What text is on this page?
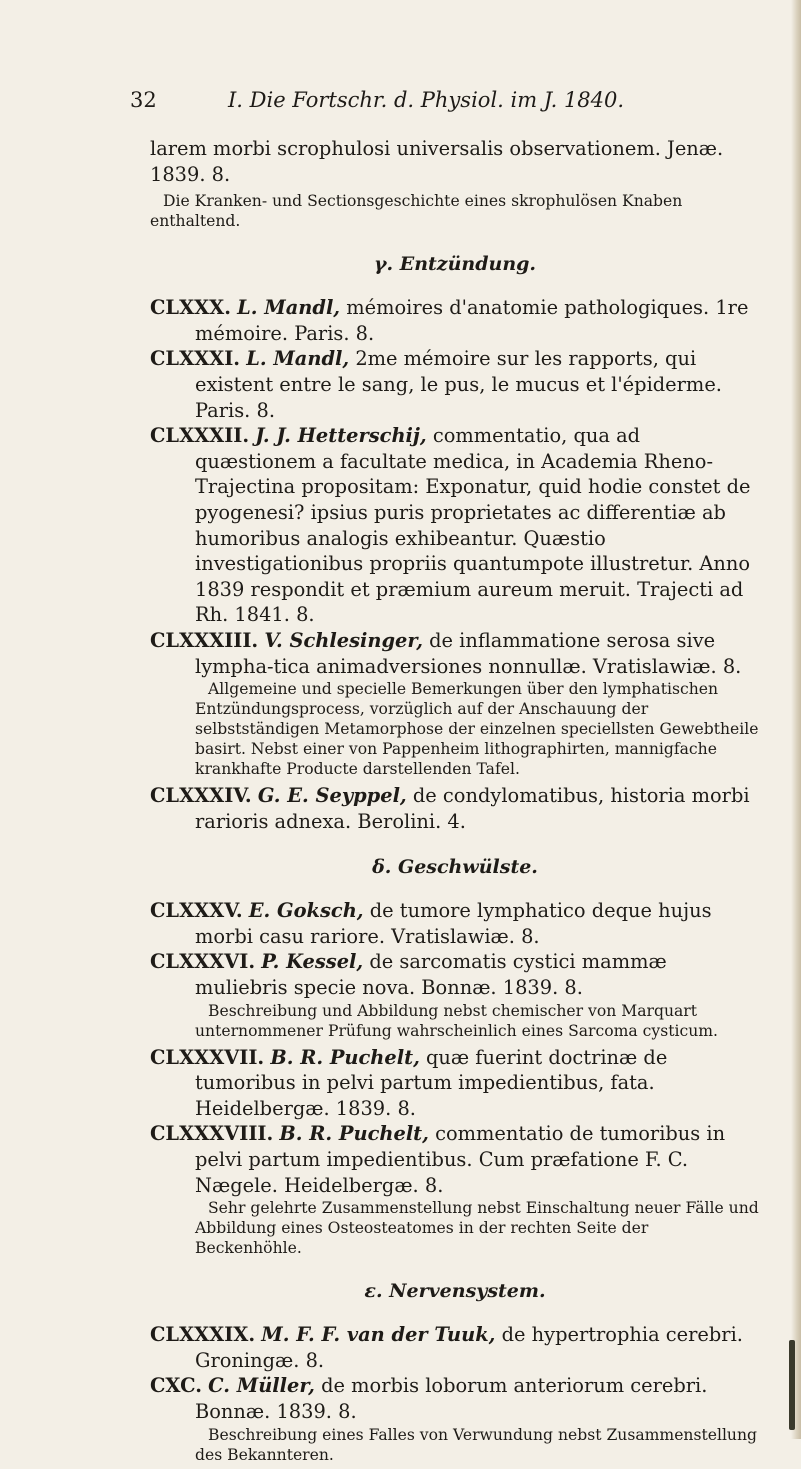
32	I. Die Fortschr. d. Physiol. im J. 1840.

larem morbi scrophulosi universalis observationem. Jenæ. 1839. 8.

Die Kranken- und Sectionsgeschichte eines skrophulösen Knaben enthaltend.

γ. Entzündung.

CLXXX. L. Mandl, mémoires d'anatomie pathologiques. 1re mémoire. Paris. 8.

CLXXXI. L. Mandl, 2me mémoire sur les rapports, qui existent entre le sang, le pus, le mucus et l'épiderme. Paris. 8.

CLXXXII. J. J. Hetterschij, commentatio, qua ad quæstionem a facultate medica, in Academia Rheno-Trajectina propositam: Exponatur, quid hodie constet de pyogenesi? ipsius puris proprietates ac differentiæ ab humoribus analogis exhibeantur. Quæstio investigationibus propriis quantumpote illustretur. Anno 1839 respondit et præmium aureum meruit. Trajecti ad Rh. 1841. 8.

CLXXXIII. V. Schlesinger, de inflammatione serosa sive lympha-tica animadversiones nonnullæ. Vratislawiæ. 8.

Allgemeine und specielle Bemerkungen über den lymphatischen Entzündungsprocess, vorzüglich auf der Anschauung der selbstständigen Metamorphose der einzelnen speciellsten Gewebtheile basirt. Nebst einer von Pappenheim lithographirten, mannigfache krankhafte Producte darstellenden Tafel.

CLXXXIV. G. E. Seyppel, de condylomatibus, historia morbi rarioris adnexa. Berolini. 4.

δ. Geschwülste.

CLXXXV. E. Goksch, de tumore lymphatico deque hujus morbi casu rariore. Vratislawiæ. 8.

CLXXXVI. P. Kessel, de sarcomatis cystici mammæ muliebris specie nova. Bonnæ. 1839. 8.

Beschreibung und Abbildung nebst chemischer von Marquart unternommener Prüfung wahrscheinlich eines Sarcoma cysticum.

CLXXXVII. B. R. Puchelt, quæ fuerint doctrinæ de tumoribus in pelvi partum impedientibus, fata. Heidelbergæ. 1839. 8.

CLXXXVIII. B. R. Puchelt, commentatio de tumoribus in pelvi partum impedientibus. Cum præfatione F. C. Nægele. Heidelbergæ. 8.

Sehr gelehrte Zusammenstellung nebst Einschaltung neuer Fälle und Abbildung eines Osteosteatomes in der rechten Seite der Beckenhöhle.

ε. Nervensystem.

CLXXXIX. M. F. F. van der Tuuk, de hypertrophia cerebri. Groningæ. 8.

CXC. C. Müller, de morbis loborum anteriorum cerebri. Bonnæ. 1839. 8.

Beschreibung eines Falles von Verwundung nebst Zusammenstellung des Bekannteren.
